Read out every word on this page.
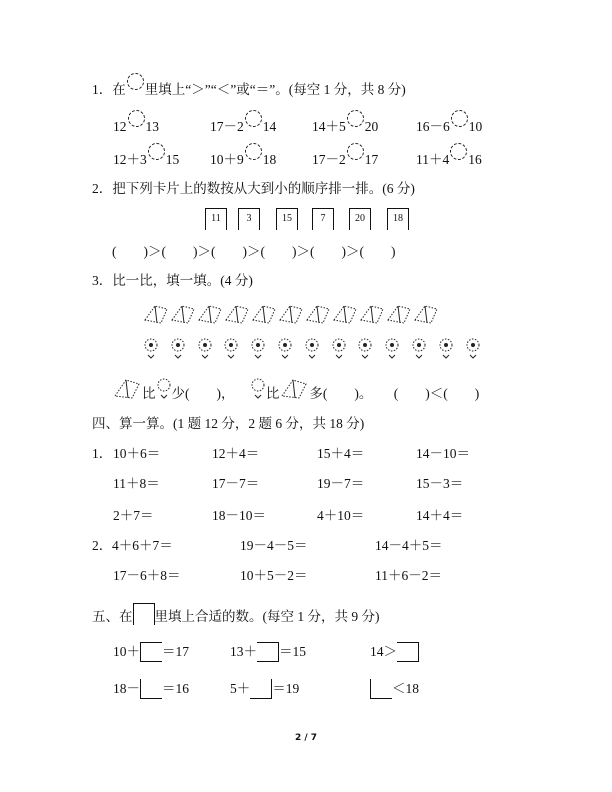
1．在 里填上“＞”“＜”或“＝”。(每空 1 分，共 8 分)
12 13	17－2 14	14＋5 20	16－6 10
12＋3 15 10＋9 18	17－2 17	11＋4 16
2．把下列卡片上的数按从大到小的顺序排一排。(6 分)
11	3	15	7	20	18
(　　)＞(　　)＞(　　)＞(　　)＞(　　)＞(　　)
3．比一比，填一填。(4 分)
比 少(　　)， 比 多(　　)。 (　　)＜(　　)
四、算一算。(1 题 12 分，2 题 6 分，共 18 分)
1．
2．
10＋6＝	12＋4＝	15＋4＝	14－10＝
11＋8＝	17－7＝	19－7＝	15－3＝
2＋7＝	18－10＝	4＋10＝	14＋4＝
4＋6＋7＝	19－4－5＝	14－4＋5＝
17－6＋8＝	10＋5－2＝	11＋6－2＝
五、在 里填上合适的数。(每空 1 分，共 9 分)
10＋ ＝17	13＋ ＝15	14＞
18－ ＝16	5＋ ＝19	＜18
2 / 7
